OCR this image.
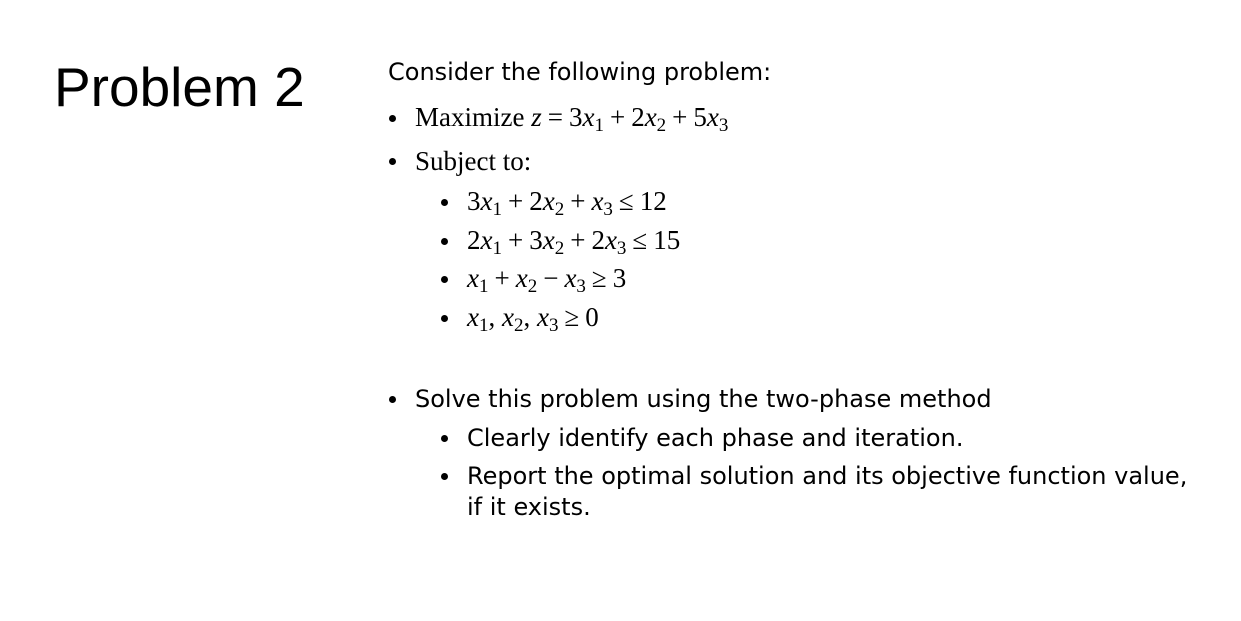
Problem 2	Consider the following problem:
Maximize $z = 3x_1 + 2x_2 + 5x_3$
Subject to:
$3x_1 + 2x_2 + x_3 \le 12$
$2x_1 + 3x_2 + 2x_3 \le 15$
$x_1 + x_2 - x_3 \ge 3$
$x_1$, $x_2$, $x_3 \ge 0$
Solve this problem using the two-phase method
Clearly identify each phase and iteration.
Report the optimal solution and its objective function value,
if it exists.
